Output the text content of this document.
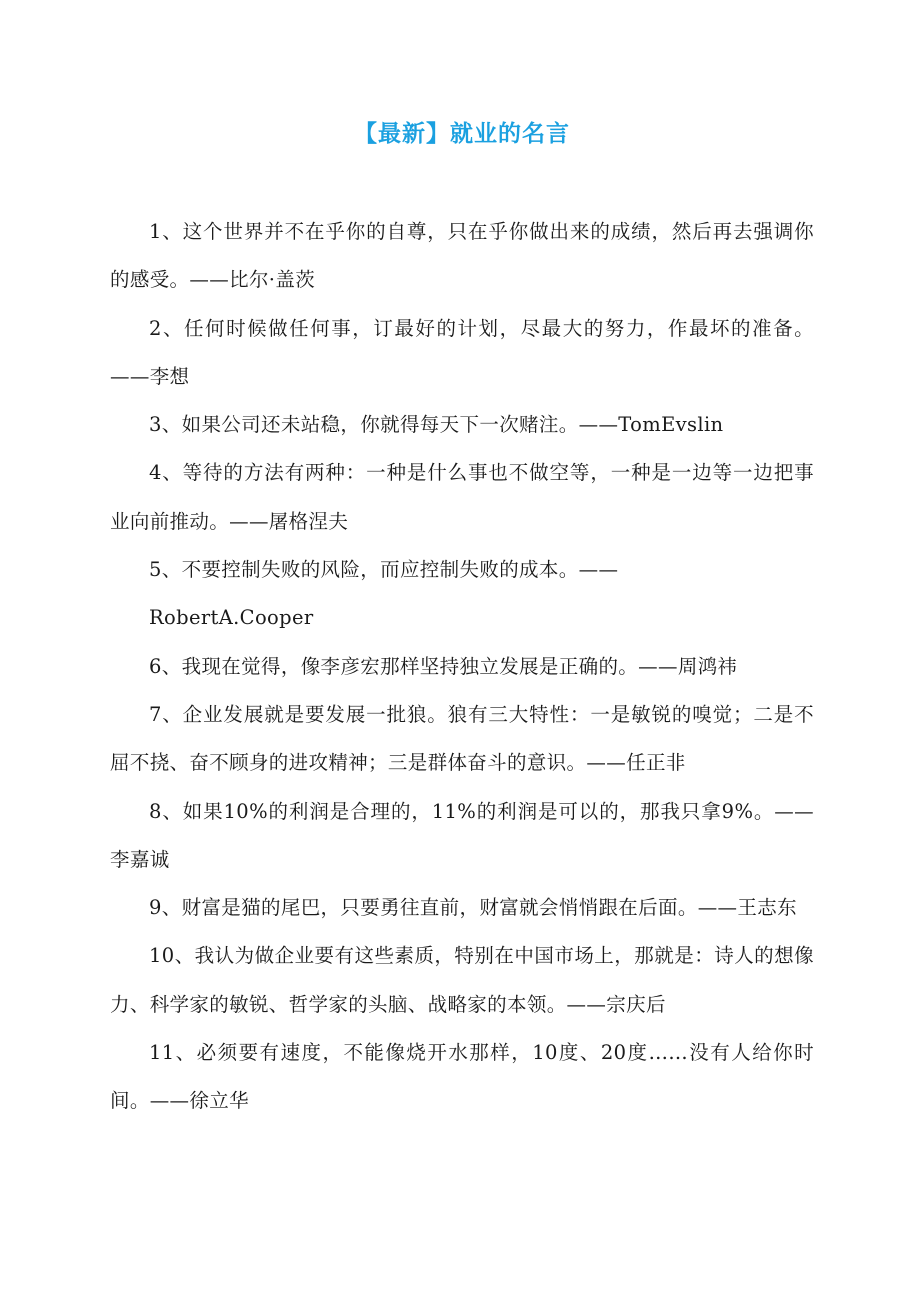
【最新】就业的名言

1、这个世界并不在乎你的自尊，只在乎你做出来的成绩，然后再去强调你的感受。——比尔·盖茨

2、任何时候做任何事，订最好的计划，尽最大的努力，作最坏的准备。——李想

3、如果公司还未站稳，你就得每天下一次赌注。——TomEvslin

4、等待的方法有两种：一种是什么事也不做空等，一种是一边等一边把事业向前推动。——屠格涅夫

5、不要控制失败的风险，而应控制失败的成本。——

RobertA.Cooper

6、我现在觉得，像李彦宏那样坚持独立发展是正确的。——周鸿祎

7、企业发展就是要发展一批狼。狼有三大特性：一是敏锐的嗅觉；二是不屈不挠、奋不顾身的进攻精神；三是群体奋斗的意识。——任正非

8、如果10%的利润是合理的，11%的利润是可以的，那我只拿9%。——李嘉诚

9、财富是猫的尾巴，只要勇往直前，财富就会悄悄跟在后面。——王志东

10、我认为做企业要有这些素质，特别在中国市场上，那就是：诗人的想像力、科学家的敏锐、哲学家的头脑、战略家的本领。——宗庆后

11、必须要有速度，不能像烧开水那样，10度、20度……没有人给你时间。——徐立华
